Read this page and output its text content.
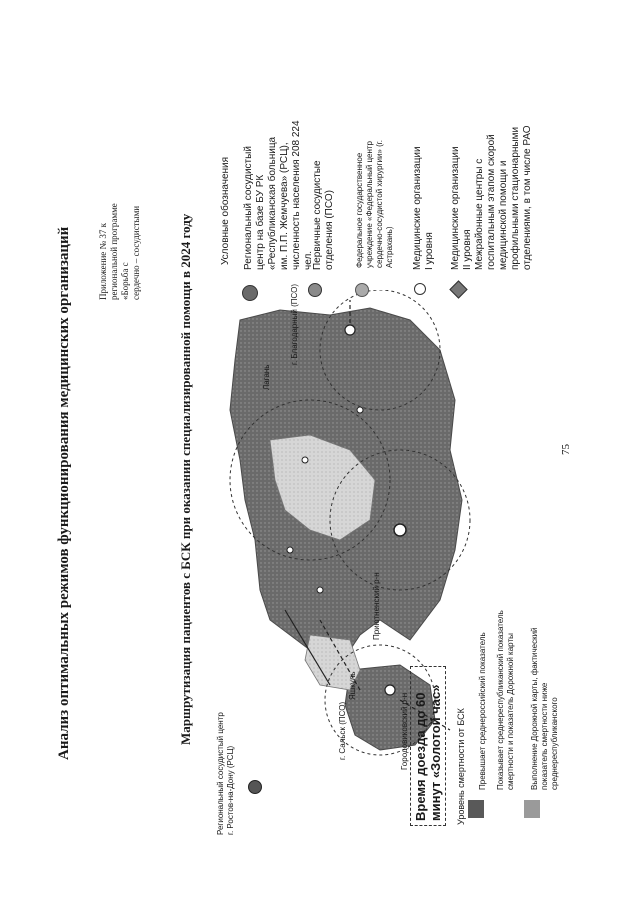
Анализ оптимальных режимов функционирования медицинских организаций	Приложение № 37 к региональной программе «Борьба с сердечно – сосудистыми	Маршрутизация пациентов с БСК при оказании специализированной помощи в 2024 году	г. Сальск (ПСО)
Яшкуль
Городовиковский р-н
Приютненский р-н
Лагань
г. Благодарный (ПСО)
Условные обозначения Региональный сосудистый центр на базе БУ РК «Республиканская больница им. П.П. Жемчуева» (РСЦ), численность населения 208 224 чел.
Первичные сосудистые отделения (ПСО)	Федеральное государственное учреждение «Федеральный центр сердечно-сосудистой хирургии» (г. Астрахань) Медицинские организации I уровня Медицинские организации II уровня Межрайонные центры с госпитальным этапом скорой медицинской помощи и профильными стационарными отделениями, в том числе РАО
Региональный сосудистый центр г. Ростов-на-Дону (РСЦ)	Время доезда до 60 минут «Золотой час» Уровень смертности от БСК Превышает среднероссийский показатель Показывает среднереспубликанский показатель смертности и показатель Дорожной карты Выполнение Дорожной карты, фактический показатель смертности ниже среднереспубликанского
75
